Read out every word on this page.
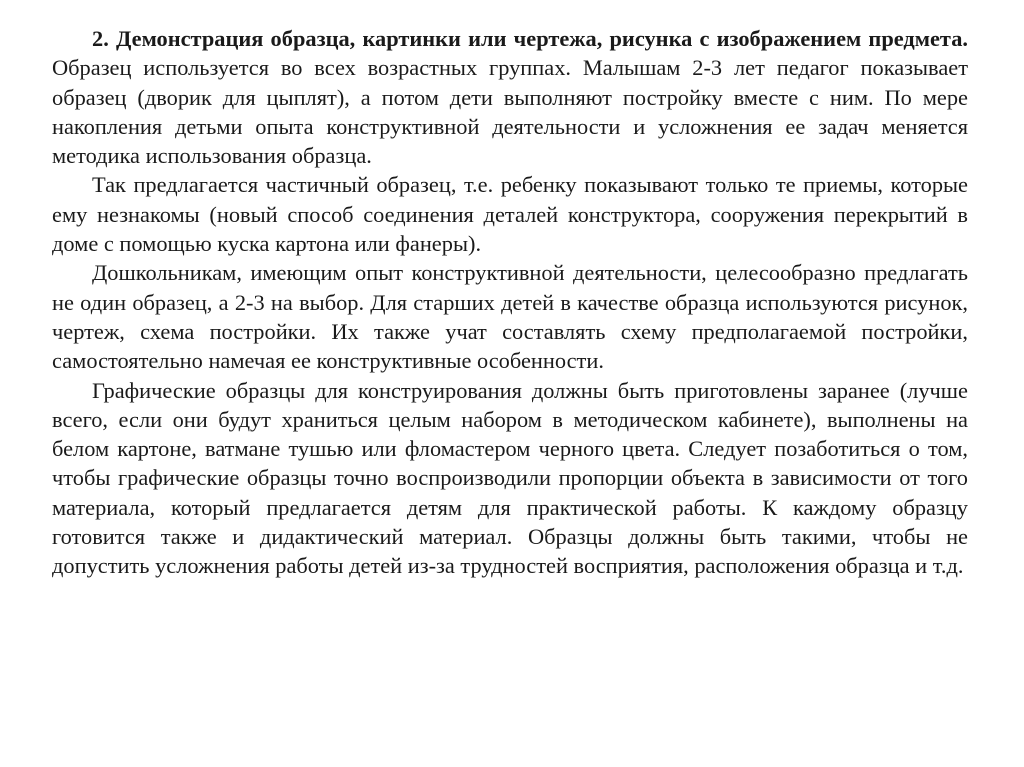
2. Демонстрация образца, картинки или чертежа, рисунка с изображением предмета. Образец используется во всех возрастных группах. Малышам 2-3 лет педагог показывает образец (дворик для цыплят), а потом дети выполняют постройку вместе с ним. По мере накопления детьми опыта конструктивной деятельности и усложнения ее задач меняется методика использования образца.

Так предлагается частичный образец, т.е. ребенку показывают только те приемы, которые ему незнакомы (новый способ соединения деталей конструктора, сооружения перекрытий в доме с помощью куска картона или фанеры).

Дошкольникам, имеющим опыт конструктивной деятельности, целесообразно предлагать не один образец, а 2-3 на выбор. Для старших детей в качестве образца используются рисунок, чертеж, схема постройки. Их также учат составлять схему предполагаемой постройки, самостоятельно намечая ее конструктивные особенности.

Графические образцы для конструирования должны быть приготовлены заранее (лучше всего, если они будут храниться целым набором в методическом кабинете), выполнены на белом картоне, ватмане тушью или фломастером черного цвета. Следует позаботиться о том, чтобы графические образцы точно воспроизводили пропорции объекта в зависимости от того материала, который предлагается детям для практической работы. К каждому образцу готовится также и дидактический материал. Образцы должны быть такими, чтобы не допустить усложнения работы детей из-за трудностей восприятия, расположения образца и т.д.
